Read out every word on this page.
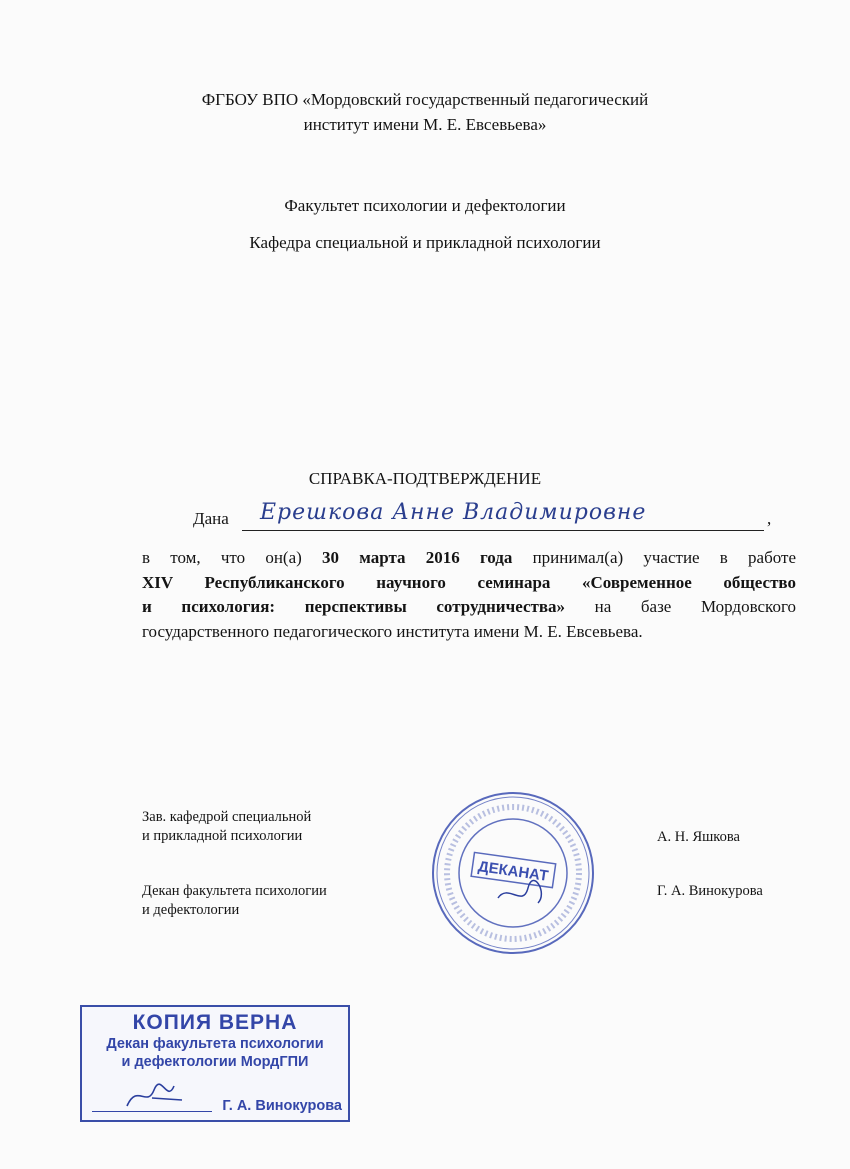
ФГБОУ ВПО «Мордовский государственный педагогический
институт имени М. Е. Евсевьева»
Факультет психологии и дефектологии
Кафедра специальной и прикладной психологии
СПРАВКА-ПОДТВЕРЖДЕНИЕ
Дана Ерешкова Анне Владимировне	,
в том, что он(а) 30 марта 2016 года принимал(а) участие в работе
XIV Республиканского научного семинара «Современное общество
и психология: перспективы сотрудничества» на базе Мордовского
государственного педагогического института имени М. Е. Евсевьева.
Зав. кафедрой специальной
и прикладной психологии	А. Н. Яшкова
Декан факультета психологии
и дефектологии
Г. А. Винокурова
ДЕКАНАТ
КОПИЯ ВЕРНА
Декан факультета психологии
и дефектологии МордГПИ
Г. А. Винокурова
